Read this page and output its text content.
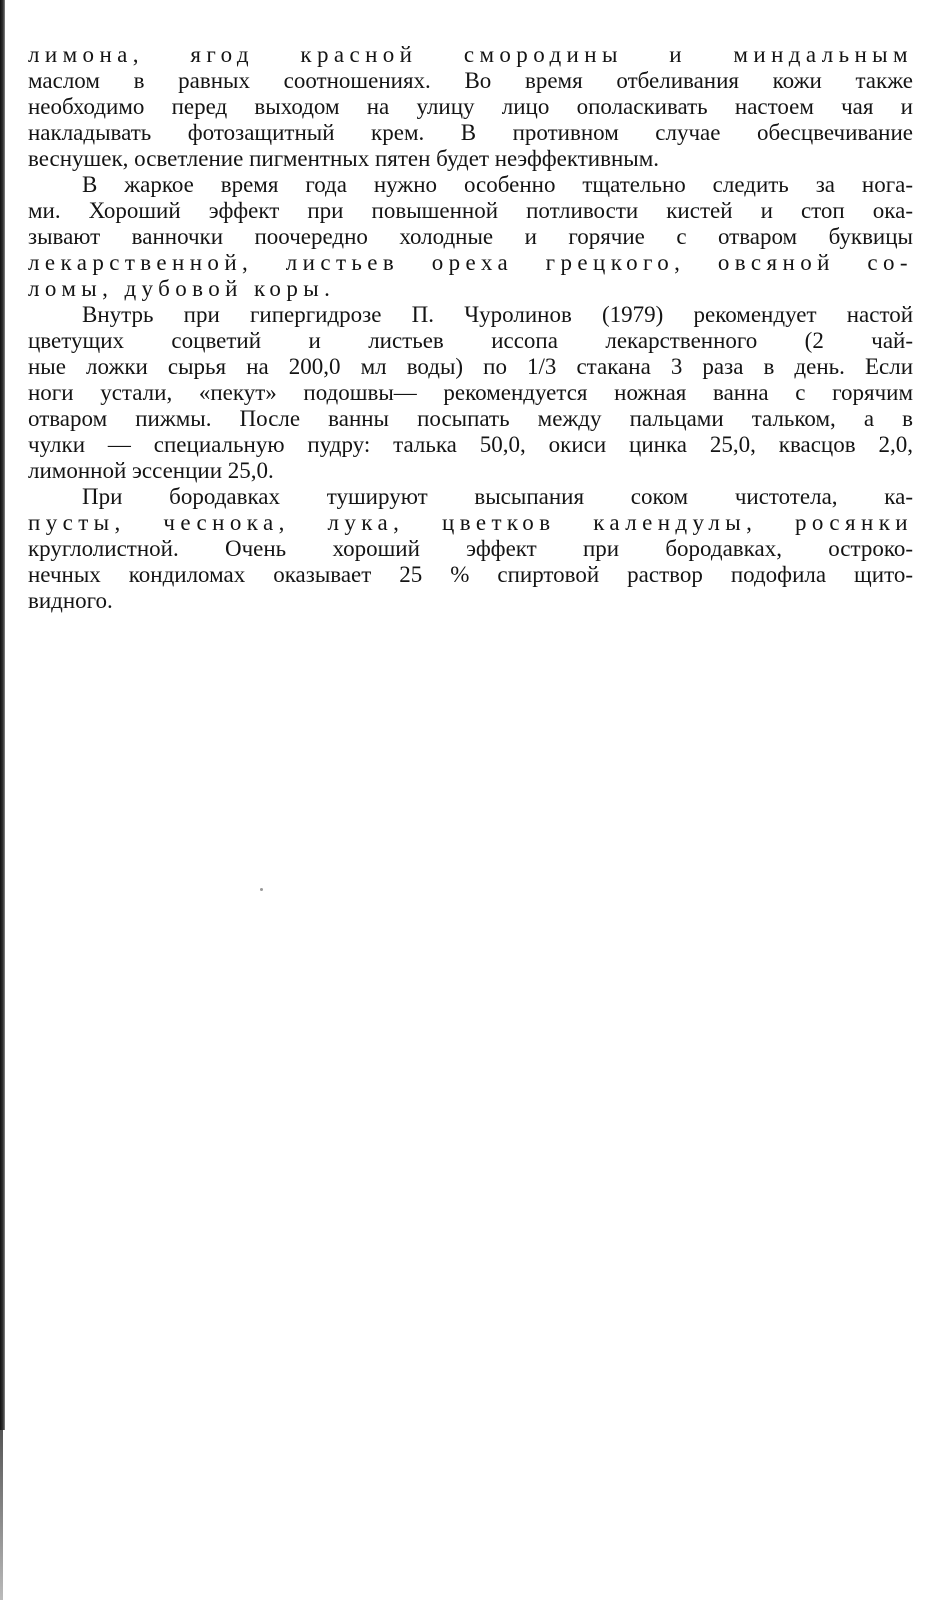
лимона, ягод красной смородины и миндальным
маслом в равных соотношениях. Во время отбеливания кожи также
необходимо перед выходом на улицу лицо ополаскивать настоем чая и
накладывать фотозащитный крем. В противном случае обесцвечивание
веснушек, осветление пигментных пятен будет неэффективным.

В жаркое время года нужно особенно тщательно следить за нога-
ми. Хороший эффект при повышенной потливости кистей и стоп ока-
зывают ванночки поочередно холодные и горячие с отваром буквицы
лекарственной, листьев ореха грецкого, овсяной со-
ломы, дубовой коры.

Внутрь при гипергидрозе П. Чуролинов (1979) рекомендует настой
цветущих соцветий и листьев иссопа лекарственного (2 чай-
ные ложки сырья на 200,0 мл воды) по 1/3 стакана 3 раза в день. Если
ноги устали, «пекут» подошвы— рекомендуется ножная ванна с горячим
отваром пижмы. После ванны посыпать между пальцами тальком, а в
чулки — специальную пудру: талька 50,0, окиси цинка 25,0, квасцов 2,0,
лимонной эссенции 25,0.

При бородавках тушируют высыпания соком чистотела, ка-
пусты, чеснока, лука, цветков календулы, росянки
круглолистной. Очень хороший эффект при бородавках, остроко-
нечных кондиломах оказывает 25 % спиртовой раствор подофила щито-
видного.
